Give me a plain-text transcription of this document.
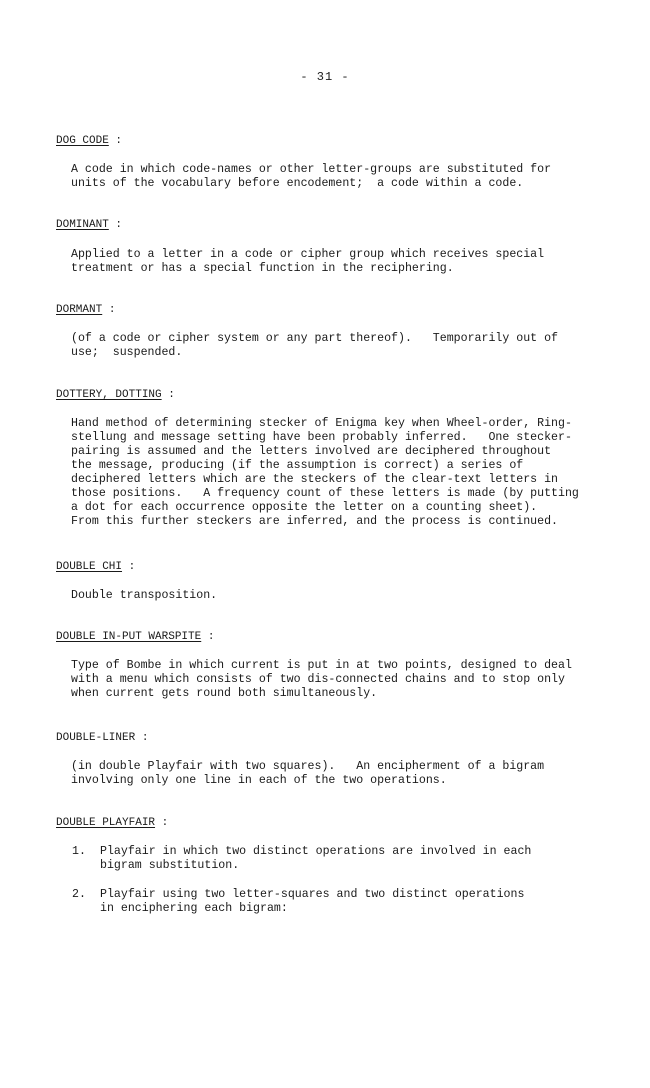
- 31 -
DOG CODE :
A code in which code-names or other letter-groups are substituted for
units of the vocabulary before encodement;  a code within a code.
DOMINANT :
Applied to a letter in a code or cipher group which receives special
treatment or has a special function in the reciphering.
DORMANT :
(of a code or cipher system or any part thereof).   Temporarily out of
use;  suspended.
DOTTERY, DOTTING :
Hand method of determining stecker of Enigma key when Wheel-order, Ring-
stellung and message setting have been probably inferred.   One stecker-
pairing is assumed and the letters involved are deciphered throughout
the message, producing (if the assumption is correct) a series of
deciphered letters which are the steckers of the clear-text letters in
those positions.   A frequency count of these letters is made (by putting
a dot for each occurrence opposite the letter on a counting sheet).
From this further steckers are inferred, and the process is continued.
DOUBLE CHI :
Double transposition.
DOUBLE IN-PUT WARSPITE :
Type of Bombe in which current is put in at two points, designed to deal
with a menu which consists of two dis-connected chains and to stop only
when current gets round both simultaneously.
DOUBLE-LINER :
(in double Playfair with two squares).   An encipherment of a bigram
involving only one line in each of the two operations.
DOUBLE PLAYFAIR :
1. Playfair in which two distinct operations are involved in each
bigram substitution.
2. Playfair using two letter-squares and two distinct operations
in enciphering each bigram:
